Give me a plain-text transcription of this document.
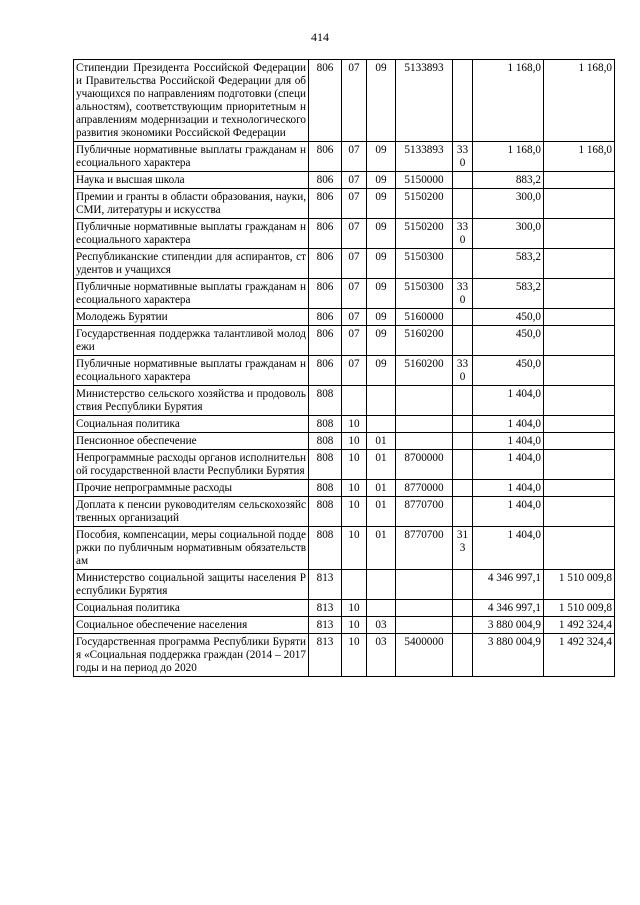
414
Стипендии Президента Российской Федерации и Правительства Российской Федерации для обучающихся по направлениям подготовки (специальностям), соответствующим приоритетным направлениям модернизации и технологического развития экономики Российской Федерации	806	07	09	5133893		1 168,0	1 168,0
Публичные нормативные выплаты гражданам несоциального характера	806	07	09	5133893	330	1 168,0	1 168,0
Наука и высшая школа	806	07	09	5150000		883,2	
Премии и гранты в области образования, науки, СМИ, литературы и искусства	806	07	09	5150200		300,0	
Публичные нормативные выплаты гражданам несоциального характера	806	07	09	5150200	330	300,0	
Республиканские стипендии для аспирантов, студентов и учащихся	806	07	09	5150300		583,2	
Публичные нормативные выплаты гражданам несоциального характера	806	07	09	5150300	330	583,2	
Молодежь Бурятии	806	07	09	5160000		450,0	
Государственная поддержка талантливой молодежи	806	07	09	5160200		450,0	
Публичные нормативные выплаты гражданам несоциального характера	806	07	09	5160200	330	450,0	
Министерство сельского хозяйства и продовольствия Республики Бурятия	808					1 404,0	
Социальная политика	808	10				1 404,0	
Пенсионное обеспечение	808	10	01			1 404,0	
Непрограммные расходы органов исполнительной государственной власти Республики Бурятия	808	10	01	8700000		1 404,0	
Прочие непрограммные расходы	808	10	01	8770000		1 404,0	
Доплата к пенсии руководителям сельскохозяйственных организаций	808	10	01	8770700		1 404,0	
Пособия, компенсации, меры социальной поддержки по публичным нормативным обязательствам	808	10	01	8770700	313	1 404,0	
Министерство социальной защиты населения Республики Бурятия	813					4 346 997,1	1 510 009,8
Социальная политика	813	10				4 346 997,1	1 510 009,8
Социальное обеспечение населения	813	10	03			3 880 004,9	1 492 324,4
Государственная программа Республики Бурятия «Социальная поддержка граждан (2014 – 2017 годы и на период до 2020	813	10	03	5400000		3 880 004,9	1 492 324,4
